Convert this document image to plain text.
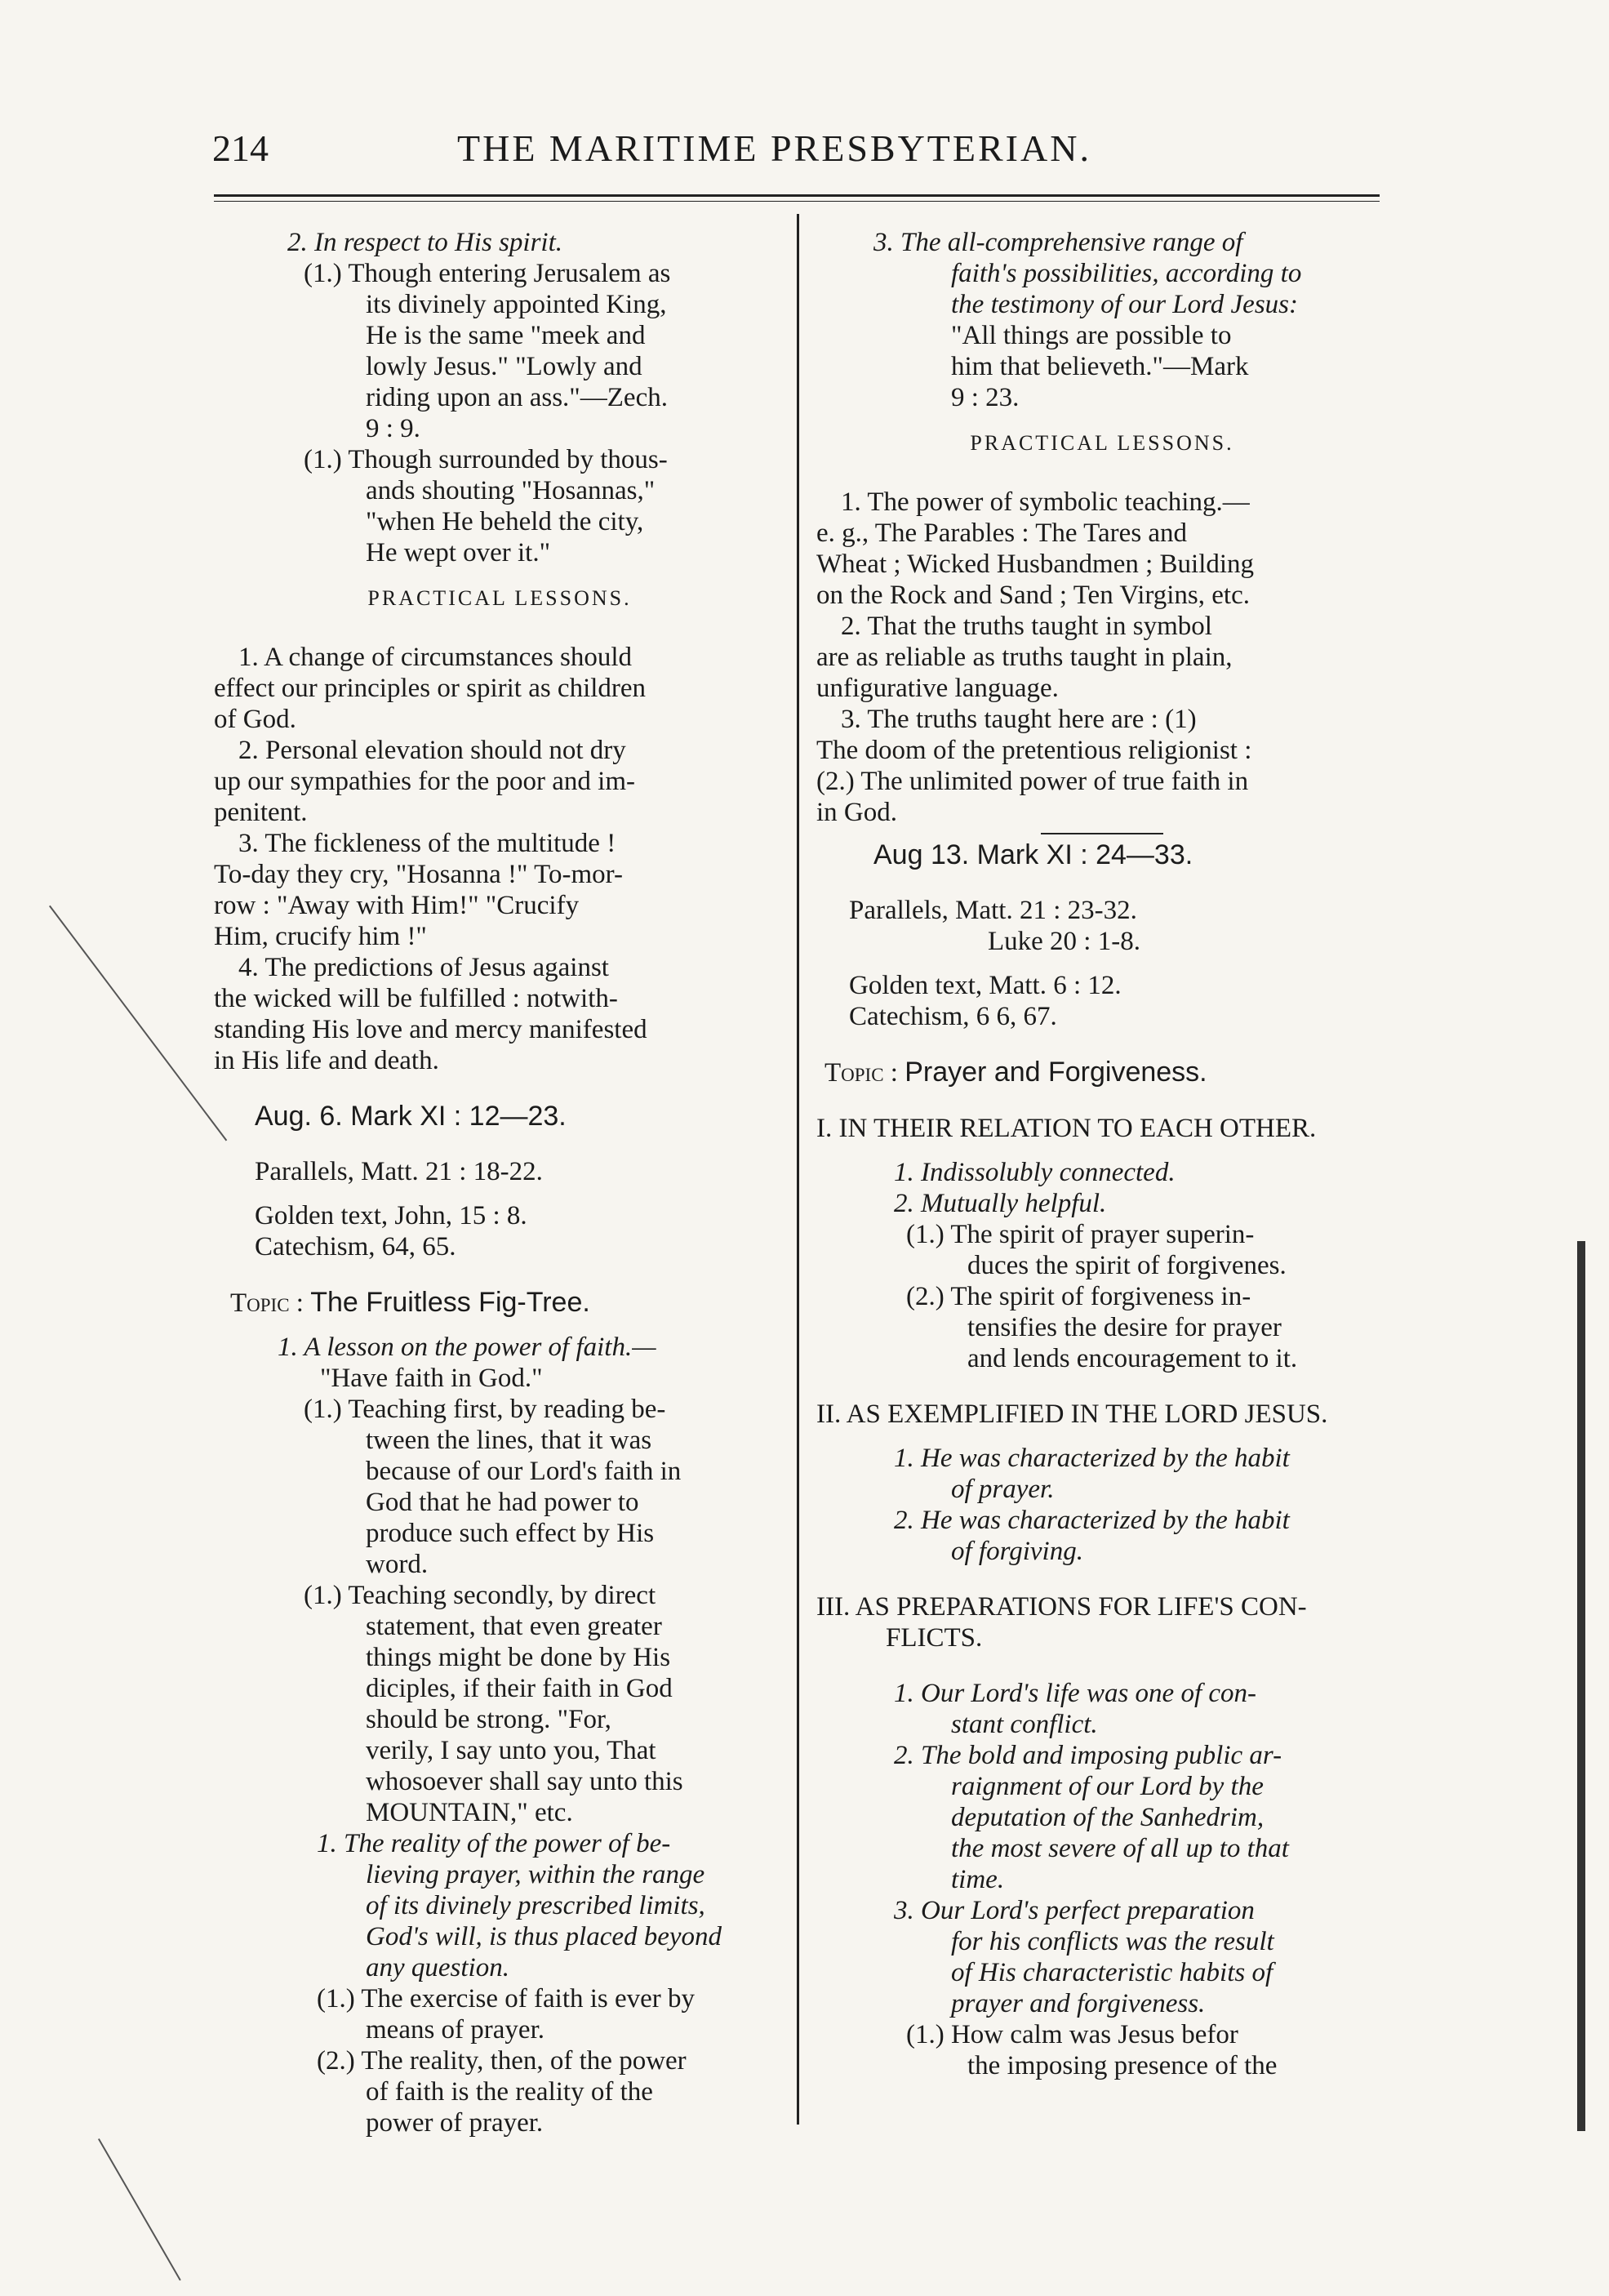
214	THE MARITIME PRESBYTERIAN.
2. In respect to His spirit.
(1.) Though entering Jerusalem as
its divinely appointed King,
He is the same "meek and
lowly Jesus." "Lowly and
riding upon an ass."—Zech.
9 : 9.
(1.) Though surrounded by thous-
ands shouting "Hosannas,"
"when He beheld the city,
He wept over it."
PRACTICAL LESSONS.
1. A change of circumstances should
effect our principles or spirit as children
of God.
2. Personal elevation should not dry
up our sympathies for the poor and im-
penitent.
3. The fickleness of the multitude !
To-day they cry, "Hosanna !" To-mor-
row : "Away with Him!" "Crucify
Him, crucify him !"
4. The predictions of Jesus against
the wicked will be fulfilled : notwith-
standing His love and mercy manifested
in His life and death.
Aug. 6. Mark XI : 12—23.
Parallels, Matt. 21 : 18-22.
Golden text, John, 15 : 8.
Catechism, 64, 65.
Topic : The Fruitless Fig-Tree.
1. A lesson on the power of faith.—
"Have faith in God."
(1.) Teaching first, by reading be-
tween the lines, that it was
because of our Lord's faith in
God that he had power to
produce such effect by His
word.
(1.) Teaching secondly, by direct
statement, that even greater
things might be done by His
diciples, if their faith in God
should be strong. "For,
verily, I say unto you, That
whosoever shall say unto this
MOUNTAIN," etc.
1. The reality of the power of be-
lieving prayer, within the range
of its divinely prescribed limits,
God's will, is thus placed beyond
any question.
(1.) The exercise of faith is ever by
means of prayer.
(2.) The reality, then, of the power
of faith is the reality of the
power of prayer.
3. The all-comprehensive range of
faith's possibilities, according to
the testimony of our Lord Jesus:
"All things are possible to
him that believeth."—Mark
9 : 23.
PRACTICAL LESSONS.
1. The power of symbolic teaching.—
e. g., The Parables : The Tares and
Wheat ; Wicked Husbandmen ; Building
on the Rock and Sand ; Ten Virgins, etc.
2. That the truths taught in symbol
are as reliable as truths taught in plain,
unfigurative language.
3. The truths taught here are : (1)
The doom of the pretentious religionist :
(2.) The unlimited power of true faith in
in God.
Aug 13. Mark XI : 24—33.
Parallels, Matt. 21 : 23-32.
Luke 20 : 1-8.
Golden text, Matt. 6 : 12.
Catechism, 6 6, 67.
Topic : Prayer and Forgiveness.
I. IN THEIR RELATION TO EACH OTHER.
1. Indissolubly connected.
2. Mutually helpful.
(1.) The spirit of prayer superin-
duces the spirit of forgivenes.
(2.) The spirit of forgiveness in-
tensifies the desire for prayer
and lends encouragement to it.
II. AS EXEMPLIFIED IN THE LORD JESUS.
1. He was characterized by the habit
of prayer.
2. He was characterized by the habit
of forgiving.
III. AS PREPARATIONS FOR LIFE'S CON-
FLICTS.
1. Our Lord's life was one of con-
stant conflict.
2. The bold and imposing public ar-
raignment of our Lord by the
deputation of the Sanhedrim,
the most severe of all up to that
time.
3. Our Lord's perfect preparation
for his conflicts was the result
of His characteristic habits of
prayer and forgiveness.
(1.) How calm was Jesus befor
the imposing presence of the
